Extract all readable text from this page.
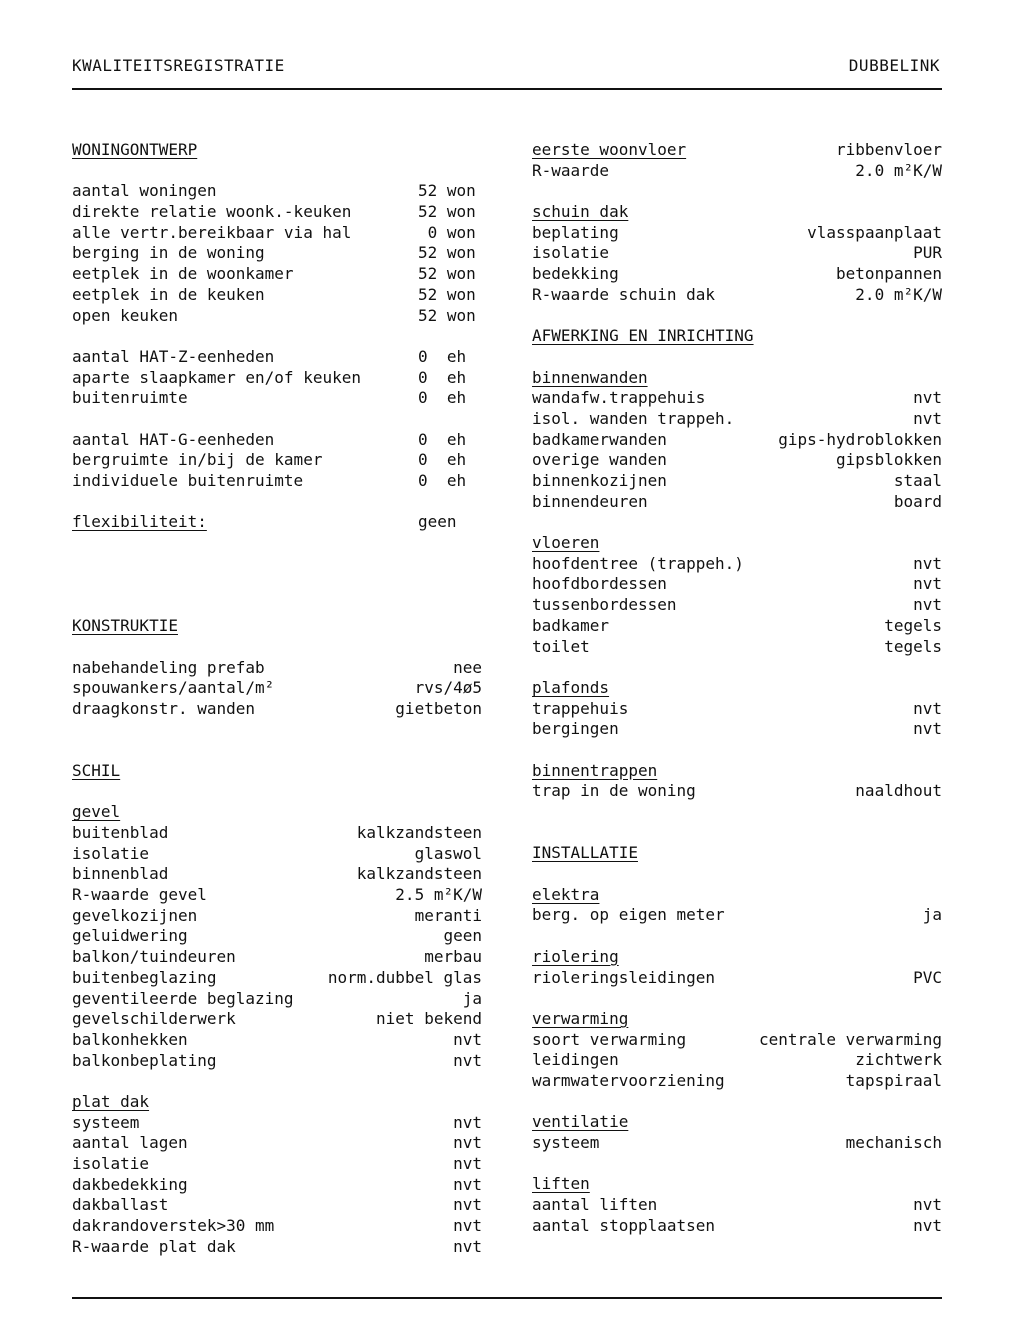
KWALITEITSREGISTRATIE	DUBBELINK
WONINGONTWERP
aantal woningen	52 won
direkte relatie woonk.-keuken	52 won
alle vertr.bereikbaar via hal	0 won
berging in de woning	52 won
eetplek in de woonkamer	52 won
eetplek in de keuken	52 won
open keuken	52 won
aantal HAT-Z-eenheden	0  eh
aparte slaapkamer en/of keuken	0  eh
buitenruimte	0  eh
aantal HAT-G-eenheden	0  eh
bergruimte in/bij de kamer	0  eh
individuele buitenruimte	0  eh
flexibiliteit:	geen
KONSTRUKTIE
nabehandeling prefab	nee
spouwankers/aantal/m²	rvs/4ø5
draagkonstr. wanden	gietbeton
SCHIL
gevel
buitenblad	kalkzandsteen
isolatie	glaswol
binnenblad	kalkzandsteen
R-waarde gevel	2.5 m²K/W
gevelkozijnen	meranti
geluidwering	geen
balkon/tuindeuren	merbau
buitenbeglazing	norm.dubbel glas
geventileerde beglazing	ja
gevelschilderwerk	niet bekend
balkonhekken	nvt
balkonbeplating	nvt
plat dak
systeem	nvt
aantal lagen	nvt
isolatie	nvt
dakbedekking	nvt
dakballast	nvt
dakrandoverstek>30 mm	nvt
R-waarde plat dak	nvt
eerste woonvloer	ribbenvloer
R-waarde	2.0 m²K/W
schuin dak
beplating	vlasspaanplaat
isolatie	PUR
bedekking	betonpannen
R-waarde schuin dak	2.0 m²K/W
AFWERKING EN INRICHTING
binnenwanden
wandafw.trappehuis	nvt
isol. wanden trappeh.	nvt
badkamerwanden	gips-hydroblokken
overige wanden	gipsblokken
binnenkozijnen	staal
binnendeuren	board
vloeren
hoofdentree (trappeh.)	nvt
hoofdbordessen	nvt
tussenbordessen	nvt
badkamer	tegels
toilet	tegels
plafonds
trappehuis	nvt
bergingen	nvt
binnentrappen
trap in de woning	naaldhout
INSTALLATIE
elektra
berg. op eigen meter	ja
riolering
rioleringsleidingen	PVC
verwarming
soort verwarming	centrale verwarming
leidingen	zichtwerk
warmwatervoorziening	tapspiraal
ventilatie
systeem	mechanisch
liften
aantal liften	nvt
aantal stopplaatsen	nvt
